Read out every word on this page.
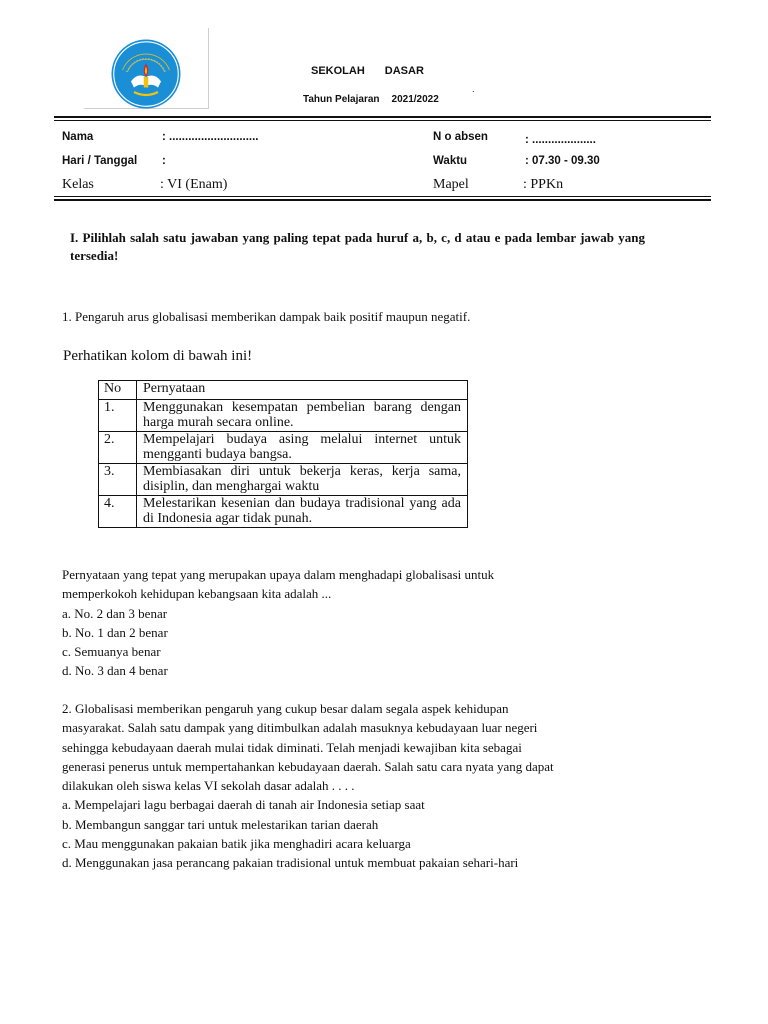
SEKOLAH DASAR
.
Tahun Pelajaran 2021/2022
Nama	: ............................
Hari / Tanggal :
Kelas	: VI (Enam)
N o absen	: ....................
Waktu	: 07.30 - 09.30
Mapel	: PPKn
I. Pilihlah salah satu jawaban yang paling tepat pada huruf a, b, c, d atau e pada lembar jawab yang tersedia!
1. Pengaruh arus globalisasi memberikan dampak baik positif maupun negatif.
Perhatikan kolom di bawah ini!
No	Pernyataan
1.	Menggunakan kesempatan pembelian barang dengan harga murah secara online.
2.	Mempelajari budaya asing melalui internet untuk mengganti budaya bangsa.
3.	Membiasakan diri untuk bekerja keras, kerja sama, disiplin, dan menghargai waktu
4.	Melestarikan kesenian dan budaya tradisional yang ada di Indonesia agar tidak punah.
Pernyataan yang tepat yang merupakan upaya dalam menghadapi globalisasi untuk
memperkokoh kehidupan kebangsaan kita adalah ...
a. No. 2 dan 3 benar
b. No. 1 dan 2 benar
c. Semuanya benar
d. No. 3 dan 4 benar
2. Globalisasi memberikan pengaruh yang cukup besar dalam segala aspek kehidupan
masyarakat. Salah satu dampak yang ditimbulkan adalah masuknya kebudayaan luar negeri
sehingga kebudayaan daerah mulai tidak diminati. Telah menjadi kewajiban kita sebagai
generasi penerus untuk mempertahankan kebudayaan daerah. Salah satu cara nyata yang dapat
dilakukan oleh siswa kelas VI sekolah dasar adalah . . . .
a. Mempelajari lagu berbagai daerah di tanah air Indonesia setiap saat
b. Membangun sanggar tari untuk melestarikan tarian daerah
c. Mau menggunakan pakaian batik jika menghadiri acara keluarga
d. Menggunakan jasa perancang pakaian tradisional untuk membuat pakaian sehari-hari
